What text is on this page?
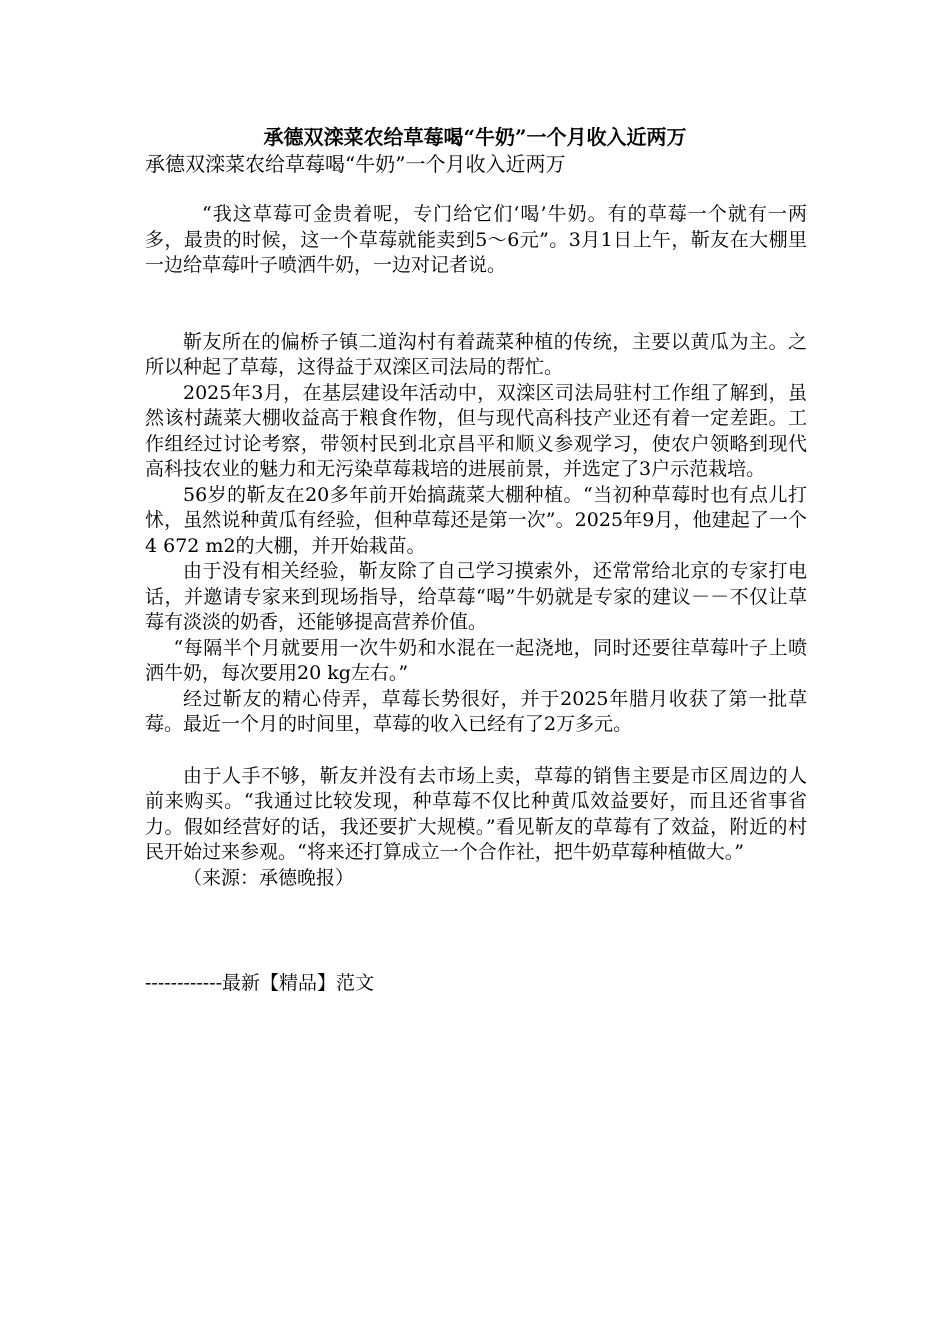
承德双滦菜农给草莓喝“牛奶”一个月收入近两万
承德双滦菜农给草莓喝“牛奶”一个月收入近两万

“我这草莓可金贵着呢，专门给它们‘喝’牛奶。有的草莓一个就有一两多，最贵的时候，这一个草莓就能卖到5～6元”。3月1日上午，靳友在大棚里一边给草莓叶子喷洒牛奶，一边对记者说。

靳友所在的偏桥子镇二道沟村有着蔬菜种植的传统，主要以黄瓜为主。之所以种起了草莓，这得益于双滦区司法局的帮忙。

2025年3月，在基层建设年活动中，双滦区司法局驻村工作组了解到，虽然该村蔬菜大棚收益高于粮食作物，但与现代高科技产业还有着一定差距。工作组经过讨论考察，带领村民到北京昌平和顺义参观学习，使农户领略到现代高科技农业的魅力和无污染草莓栽培的进展前景，并选定了3户示范栽培。

56岁的靳友在20多年前开始搞蔬菜大棚种植。“当初种草莓时也有点儿打怵，虽然说种黄瓜有经验，但种草莓还是第一次”。2025年9月，他建起了一个4 672 m2的大棚，并开始栽苗。

由于没有相关经验，靳友除了自己学习摸索外，还常常给北京的专家打电话，并邀请专家来到现场指导，给草莓“喝”牛奶就是专家的建议－－不仅让草莓有淡淡的奶香，还能够提高营养价值。

“每隔半个月就要用一次牛奶和水混在一起浇地，同时还要往草莓叶子上喷洒牛奶，每次要用20 kg左右。”

经过靳友的精心侍弄，草莓长势很好，并于2025年腊月收获了第一批草莓。最近一个月的时间里，草莓的收入已经有了2万多元。

由于人手不够，靳友并没有去市场上卖，草莓的销售主要是市区周边的人前来购买。“我通过比较发现，种草莓不仅比种黄瓜效益要好，而且还省事省力。假如经营好的话，我还要扩大规模。”看见靳友的草莓有了效益，附近的村民开始过来参观。“将来还打算成立一个合作社，把牛奶草莓种植做大。”

（来源：承德晚报）

------------最新【精品】范文
